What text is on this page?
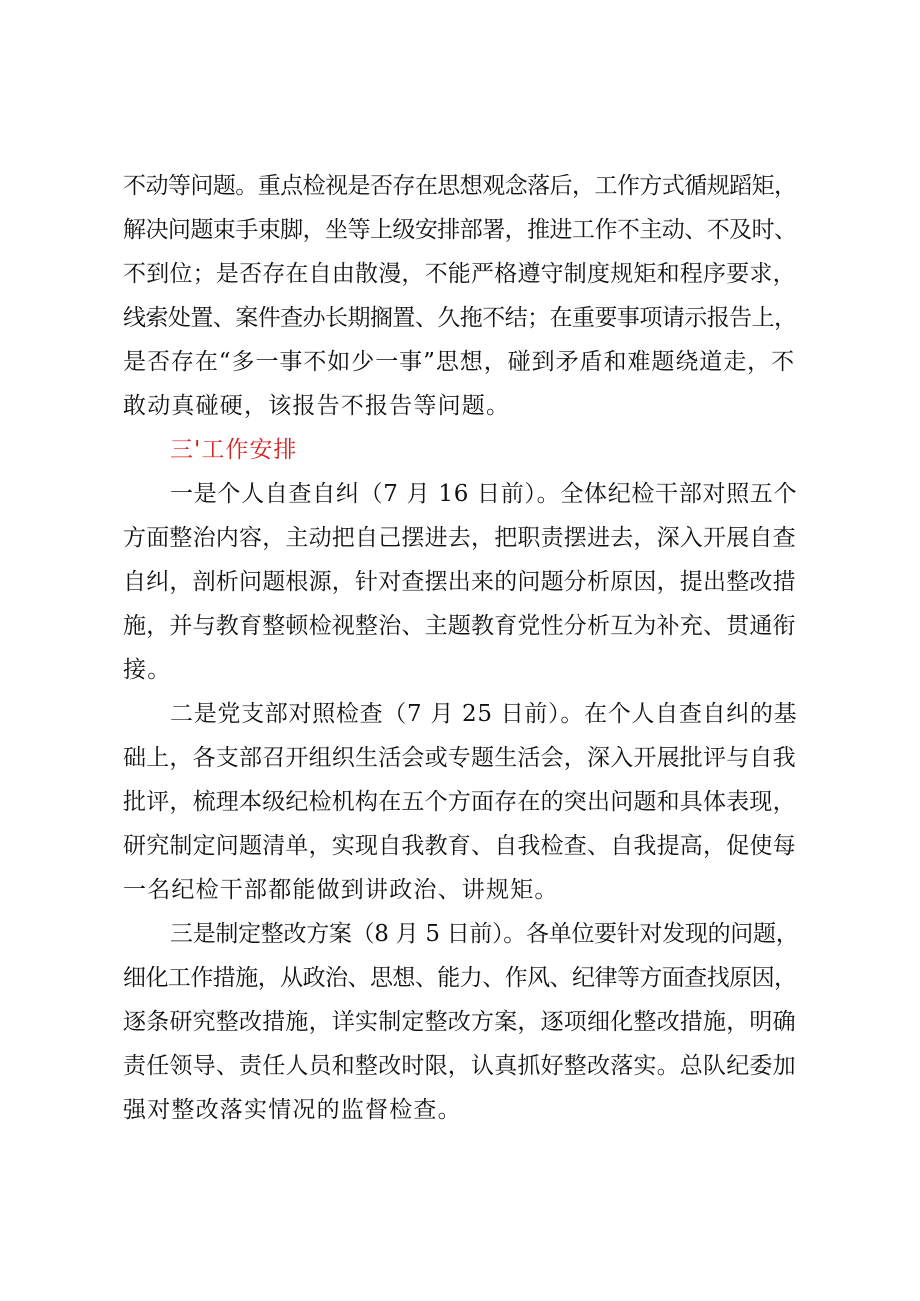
不动等问题。重点检视是否存在思想观念落后，工作方式循规蹈矩，
解决问题束手束脚，坐等上级安排部署，推进工作不主动、不及时、
不到位；是否存在自由散漫，不能严格遵守制度规矩和程序要求，
线索处置、案件查办长期搁置、久拖不结；在重要事项请示报告上，
是否存在“多一事不如少一事”思想，碰到矛盾和难题绕道走，不
敢动真碰硬，该报告不报告等问题。
三'工作安排
一是个人自查自纠（7 月 16 日前）。全体纪检干部对照五个
方面整治内容，主动把自己摆进去，把职责摆进去，深入开展自查
自纠，剖析问题根源，针对查摆出来的问题分析原因，提出整改措
施，并与教育整顿检视整治、主题教育党性分析互为补充、贯通衔
接。
二是党支部对照检查（7 月 25 日前）。在个人自查自纠的基
础上，各支部召开组织生活会或专题生活会，深入开展批评与自我
批评，梳理本级纪检机构在五个方面存在的突出问题和具体表现，
研究制定问题清单，实现自我教育、自我检查、自我提高，促使每
一名纪检干部都能做到讲政治、讲规矩。
三是制定整改方案（8 月 5 日前）。各单位要针对发现的问题，
细化工作措施，从政治、思想、能力、作风、纪律等方面查找原因，
逐条研究整改措施，详实制定整改方案，逐项细化整改措施，明确
责任领导、责任人员和整改时限，认真抓好整改落实。总队纪委加
强对整改落实情况的监督检查。
